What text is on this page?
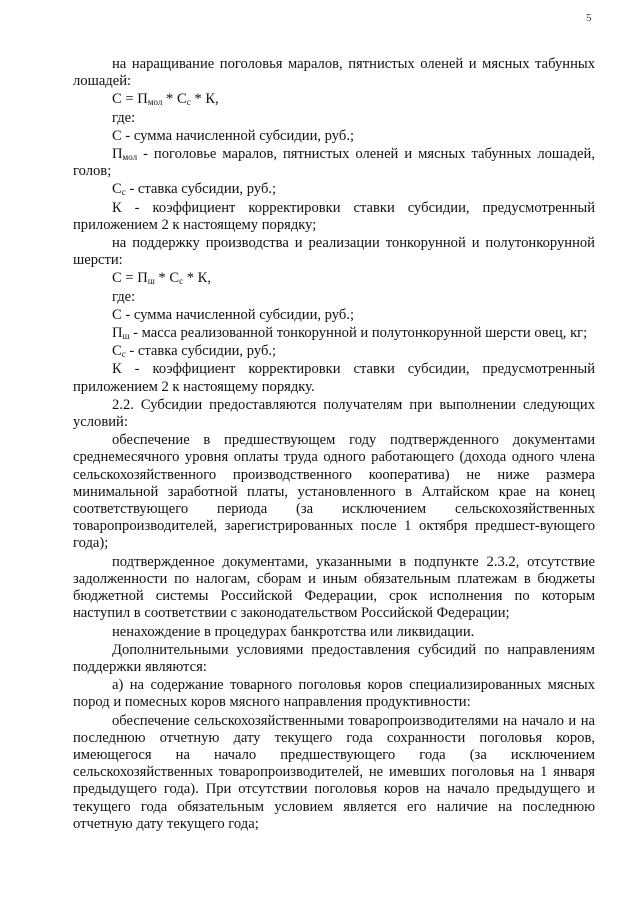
5

на наращивание поголовья маралов, пятнистых оленей и мясных табунных лошадей:

$С = П_{мол} * С_с * К$,

где:

С - сумма начисленной субсидии, руб.;

$П_{мол}$ - поголовье маралов, пятнистых оленей и мясных табунных лошадей, голов;

$С_с$ - ставка субсидии, руб.;

К - коэффициент корректировки ставки субсидии, предусмотренный приложением 2 к настоящему порядку;

на поддержку производства и реализации тонкорунной и полутонкорунной шерсти:

$С = П_ш * С_с * К$,

где:

С - сумма начисленной субсидии, руб.;

$П_ш$ - масса реализованной тонкорунной и полутонкорунной шерсти овец, кг;

$С_с$ - ставка субсидии, руб.;

К - коэффициент корректировки ставки субсидии, предусмотренный приложением 2 к настоящему порядку.

2.2. Субсидии предоставляются получателям при выполнении следующих условий:

обеспечение в предшествующем году подтвержденного документами среднемесячного уровня оплаты труда одного работающего (дохода одного члена сельскохозяйственного производственного кооператива) не ниже размера минимальной заработной платы, установленного в Алтайском крае на конец соответствующего периода (за исключением сельскохозяйственных товаропроизводителей, зарегистрированных после 1 октября предшест-вующего года);

подтвержденное документами, указанными в подпункте 2.3.2, отсутствие задолженности по налогам, сборам и иным обязательным платежам в бюджеты бюджетной системы Российской Федерации, срок исполнения по которым наступил в соответствии с законодательством Российской Федерации;

ненахождение в процедурах банкротства или ликвидации.

Дополнительными условиями предоставления субсидий по направлениям поддержки являются:

а) на содержание товарного поголовья коров специализированных мясных пород и помесных коров мясного направления продуктивности:

обеспечение сельскохозяйственными товаропроизводителями на начало и на последнюю отчетную дату текущего года сохранности поголовья коров, имеющегося на начало предшествующего года (за исключением сельскохозяйственных товаропроизводителей, не имевших поголовья на 1 января предыдущего года). При отсутствии поголовья коров на начало предыдущего и текущего года обязательным условием является его наличие на последнюю отчетную дату текущего года;
